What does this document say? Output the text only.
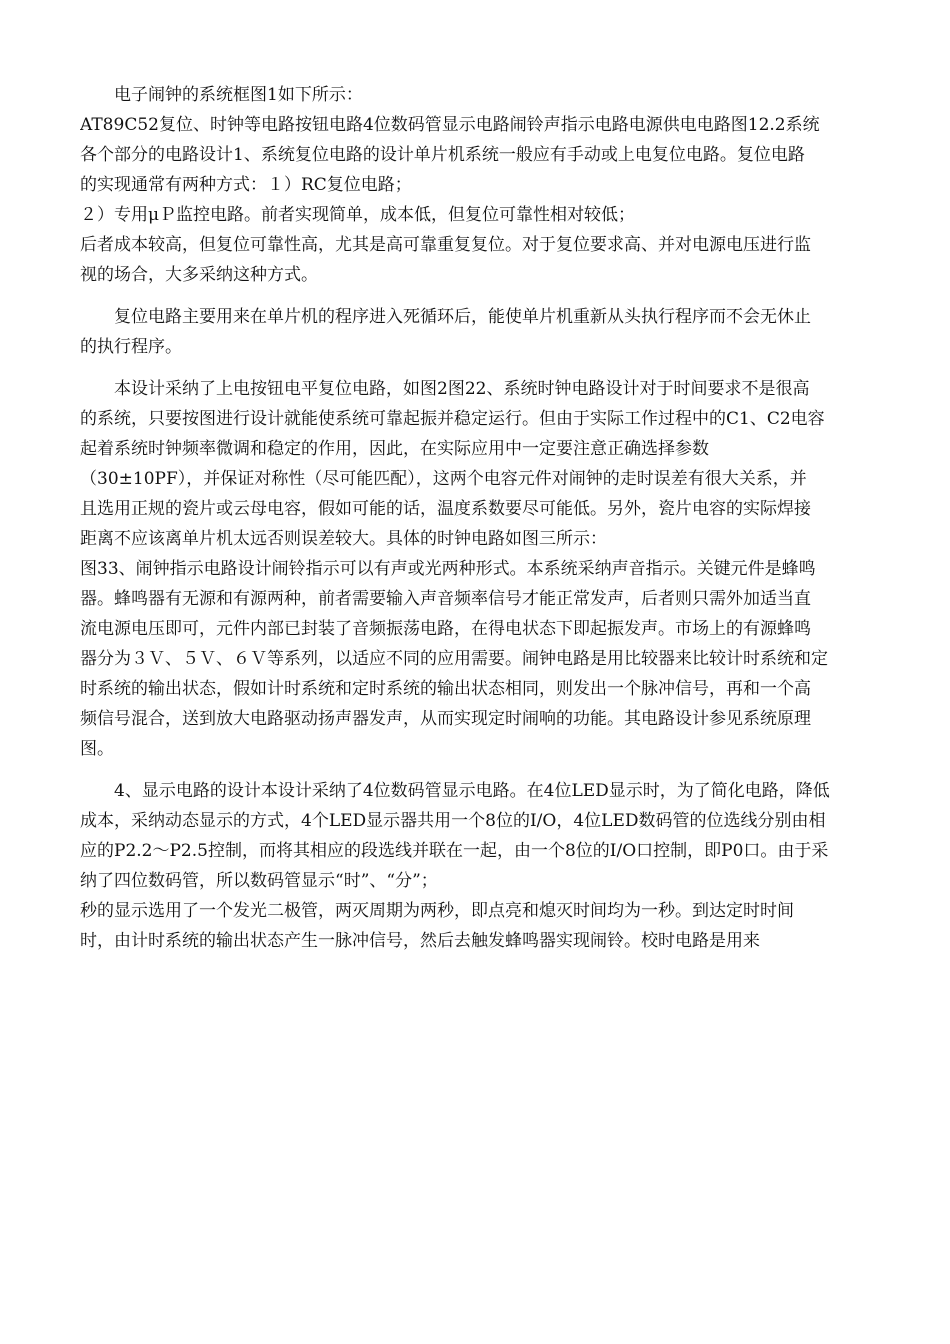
电子闹钟的系统框图1如下所示：
AT89C52复位、时钟等电路按钮电路4位数码管显示电路闹铃声指示电路电源供电电路图12.2系统
各个部分的电路设计1、系统复位电路的设计单片机系统一般应有手动或上电复位电路。复位电路
的实现通常有两种方式：１）RC复位电路；
２）专用μＰ监控电路。前者实现简单，成本低，但复位可靠性相对较低；
后者成本较高，但复位可靠性高，尤其是高可靠重复复位。对于复位要求高、并对电源电压进行监
视的场合，大多采纳这种方式。
复位电路主要用来在单片机的程序进入死循环后，能使单片机重新从头执行程序而不会无休止
的执行程序。
本设计采纳了上电按钮电平复位电路，如图2图22、系统时钟电路设计对于时间要求不是很高
的系统，只要按图进行设计就能使系统可靠起振并稳定运行。但由于实际工作过程中的C1、C2电容
起着系统时钟频率微调和稳定的作用，因此，在实际应用中一定要注意正确选择参数
（30±10PF），并保证对称性（尽可能匹配），这两个电容元件对闹钟的走时误差有很大关系，并
且选用正规的瓷片或云母电容，假如可能的话，温度系数要尽可能低。另外，瓷片电容的实际焊接
距离不应该离单片机太远否则误差较大。具体的时钟电路如图三所示：
图33、闹钟指示电路设计闹铃指示可以有声或光两种形式。本系统采纳声音指示。关键元件是蜂鸣
器。蜂鸣器有无源和有源两种，前者需要输入声音频率信号才能正常发声，后者则只需外加适当直
流电源电压即可，元件内部已封装了音频振荡电路，在得电状态下即起振发声。市场上的有源蜂鸣
器分为３Ｖ、５Ｖ、６Ｖ等系列，以适应不同的应用需要。闹钟电路是用比较器来比较计时系统和定
时系统的输出状态，假如计时系统和定时系统的输出状态相同，则发出一个脉冲信号，再和一个高
频信号混合，送到放大电路驱动扬声器发声，从而实现定时闹响的功能。其电路设计参见系统原理
图。
4、显示电路的设计本设计采纳了4位数码管显示电路。在4位LED显示时，为了简化电路，降低
成本，采纳动态显示的方式，4个LED显示器共用一个8位的I/O，4位LED数码管的位选线分别由相
应的P2.2～P2.5控制，而将其相应的段选线并联在一起，由一个8位的I/O口控制，即P0口。由于采
纳了四位数码管，所以数码管显示“时”、“分”；
秒的显示选用了一个发光二极管，两灭周期为两秒，即点亮和熄灭时间均为一秒。到达定时时间
时，由计时系统的输出状态产生一脉冲信号，然后去触发蜂鸣器实现闹铃。校时电路是用来
